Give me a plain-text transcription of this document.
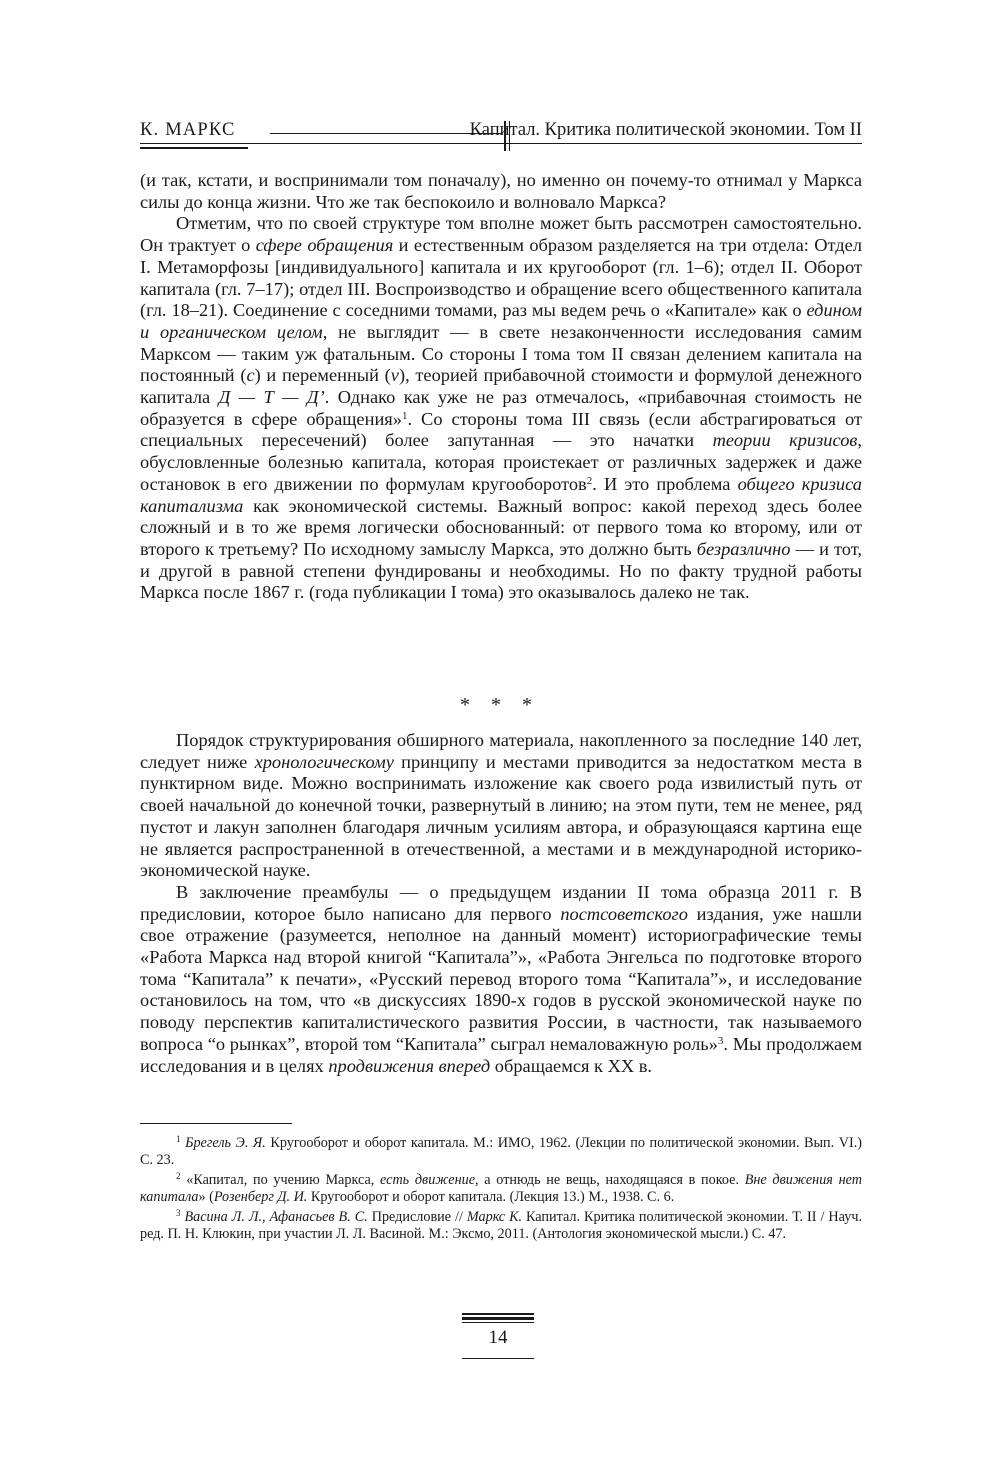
К. МАРКС	Капитал. Критика политической экономии. Том II

(и так, кстати, и воспринимали том поначалу), но именно он почему-то отнимал у Маркса силы до конца жизни. Что же так беспокоило и волновало Маркса?

Отметим, что по своей структуре том вполне может быть рассмотрен самостоятельно. Он трактует о сфере обращения и естественным образом разделяется на три отдела: Отдел I. Метаморфозы [индивидуального] капитала и их кругооборот (гл. 1–6); отдел II. Оборот капитала (гл. 7–17); отдел III. Воспроизводство и обращение всего общественного капитала (гл. 18–21). Соединение с соседними томами, раз мы ведем речь о «Капитале» как о едином и органическом целом, не выглядит — в свете незаконченности исследования самим Марксом — таким уж фатальным. Со стороны I тома том II связан делением капитала на постоянный (c) и переменный (v), теорией прибавочной стоимости и формулой денежного капитала Д — Т — Д’. Однако как уже не раз отмечалось, «прибавочная стоимость не образуется в сфере обращения»$^1$. Со стороны тома III связь (если абстрагироваться от специальных пересечений) более запутанная — это начатки теории кризисов, обусловленные болезнью капитала, которая проистекает от различных задержек и даже остановок в его движении по формулам кругооборотов$^2$. И это проблема общего кризиса капитализма как экономической системы. Важный вопрос: какой переход здесь более сложный и в то же время логически обоснованный: от первого тома ко второму, или от второго к третьему? По исходному замыслу Маркса, это должно быть безразлично — и тот, и другой в равной степени фундированы и необходимы. Но по факту трудной работы Маркса после 1867 г. (года публикации I тома) это оказывалось далеко не так.

* * *

Порядок структурирования обширного материала, накопленного за последние 140 лет, следует ниже хронологическому принципу и местами приводится за недостатком места в пунктирном виде. Можно воспринимать изложение как своего рода извилистый путь от своей начальной до конечной точки, развернутый в линию; на этом пути, тем не менее, ряд пустот и лакун заполнен благодаря личным усилиям автора, и образующаяся картина еще не является распространенной в отечественной, а местами и в международной историко-экономической науке.

В заключение преамбулы — о предыдущем издании II тома образца 2011 г. В предисловии, которое было написано для первого постсоветского издания, уже нашли свое отражение (разумеется, неполное на данный момент) историографические темы «Работа Маркса над второй книгой “Капитала”», «Работа Энгельса по подготовке второго тома “Капитала” к печати», «Русский перевод второго тома “Капитала”», и исследование остановилось на том, что «в дискуссиях 1890-х годов в русской экономической науке по поводу перспектив капиталистического развития России, в частности, так называемого вопроса “о рынках”, второй том “Капитала” сыграл немаловажную роль»$^3$. Мы продолжаем исследования и в целях продвижения вперед обращаемся к XX в.

$^1$ Брегель Э. Я. Кругооборот и оборот капитала. М.: ИМО, 1962. (Лекции по политической экономии. Вып. VI.) С. 23.

$^2$ «Капитал, по учению Маркса, есть движение, а отнюдь не вещь, находящаяся в покое. Вне движения нет капитала» (Розенберг Д. И. Кругооборот и оборот капитала. (Лекция 13.) М., 1938. С. 6.

$^3$ Васина Л. Л., Афанасьев В. С. Предисловие // Маркс К. Капитал. Критика политической экономии. Т. II / Науч. ред. П. Н. Клюкин, при участии Л. Л. Васиной. М.: Эксмо, 2011. (Антология экономической мысли.) С. 47.

14
